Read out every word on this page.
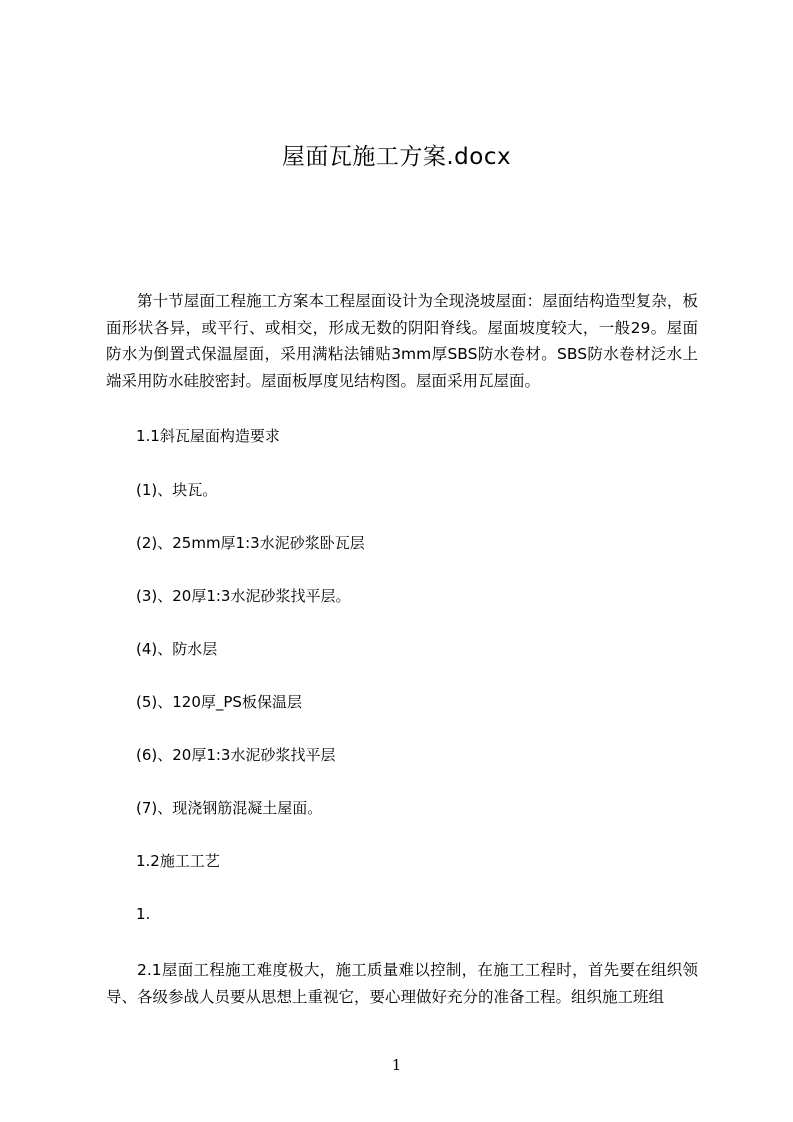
屋面瓦施工方案.docx

第十节屋面工程施工方案本工程屋面设计为全现浇坡屋面：屋面结构造型复杂，板面形状各异，或平行、或相交，形成无数的阴阳脊线。屋面坡度较大，一般29。屋面防水为倒置式保温屋面，采用满粘法铺贴3mm厚SBS防水卷材。SBS防水卷材泛水上端采用防水硅胶密封。屋面板厚度见结构图。屋面采用瓦屋面。

1.1斜瓦屋面构造要求

(1)、块瓦。

(2)、25mm厚1:3水泥砂浆卧瓦层

(3)、20厚1:3水泥砂浆找平层。

(4)、防水层

(5)、120厚_PS板保温层

(6)、20厚1:3水泥砂浆找平层

(7)、现浇钢筋混凝土屋面。

1.2施工工艺

1.

2.1屋面工程施工难度极大，施工质量难以控制，在施工工程时，首先要在组织领导、各级参战人员要从思想上重视它，要心理做好充分的准备工程。组织施工班组

1
